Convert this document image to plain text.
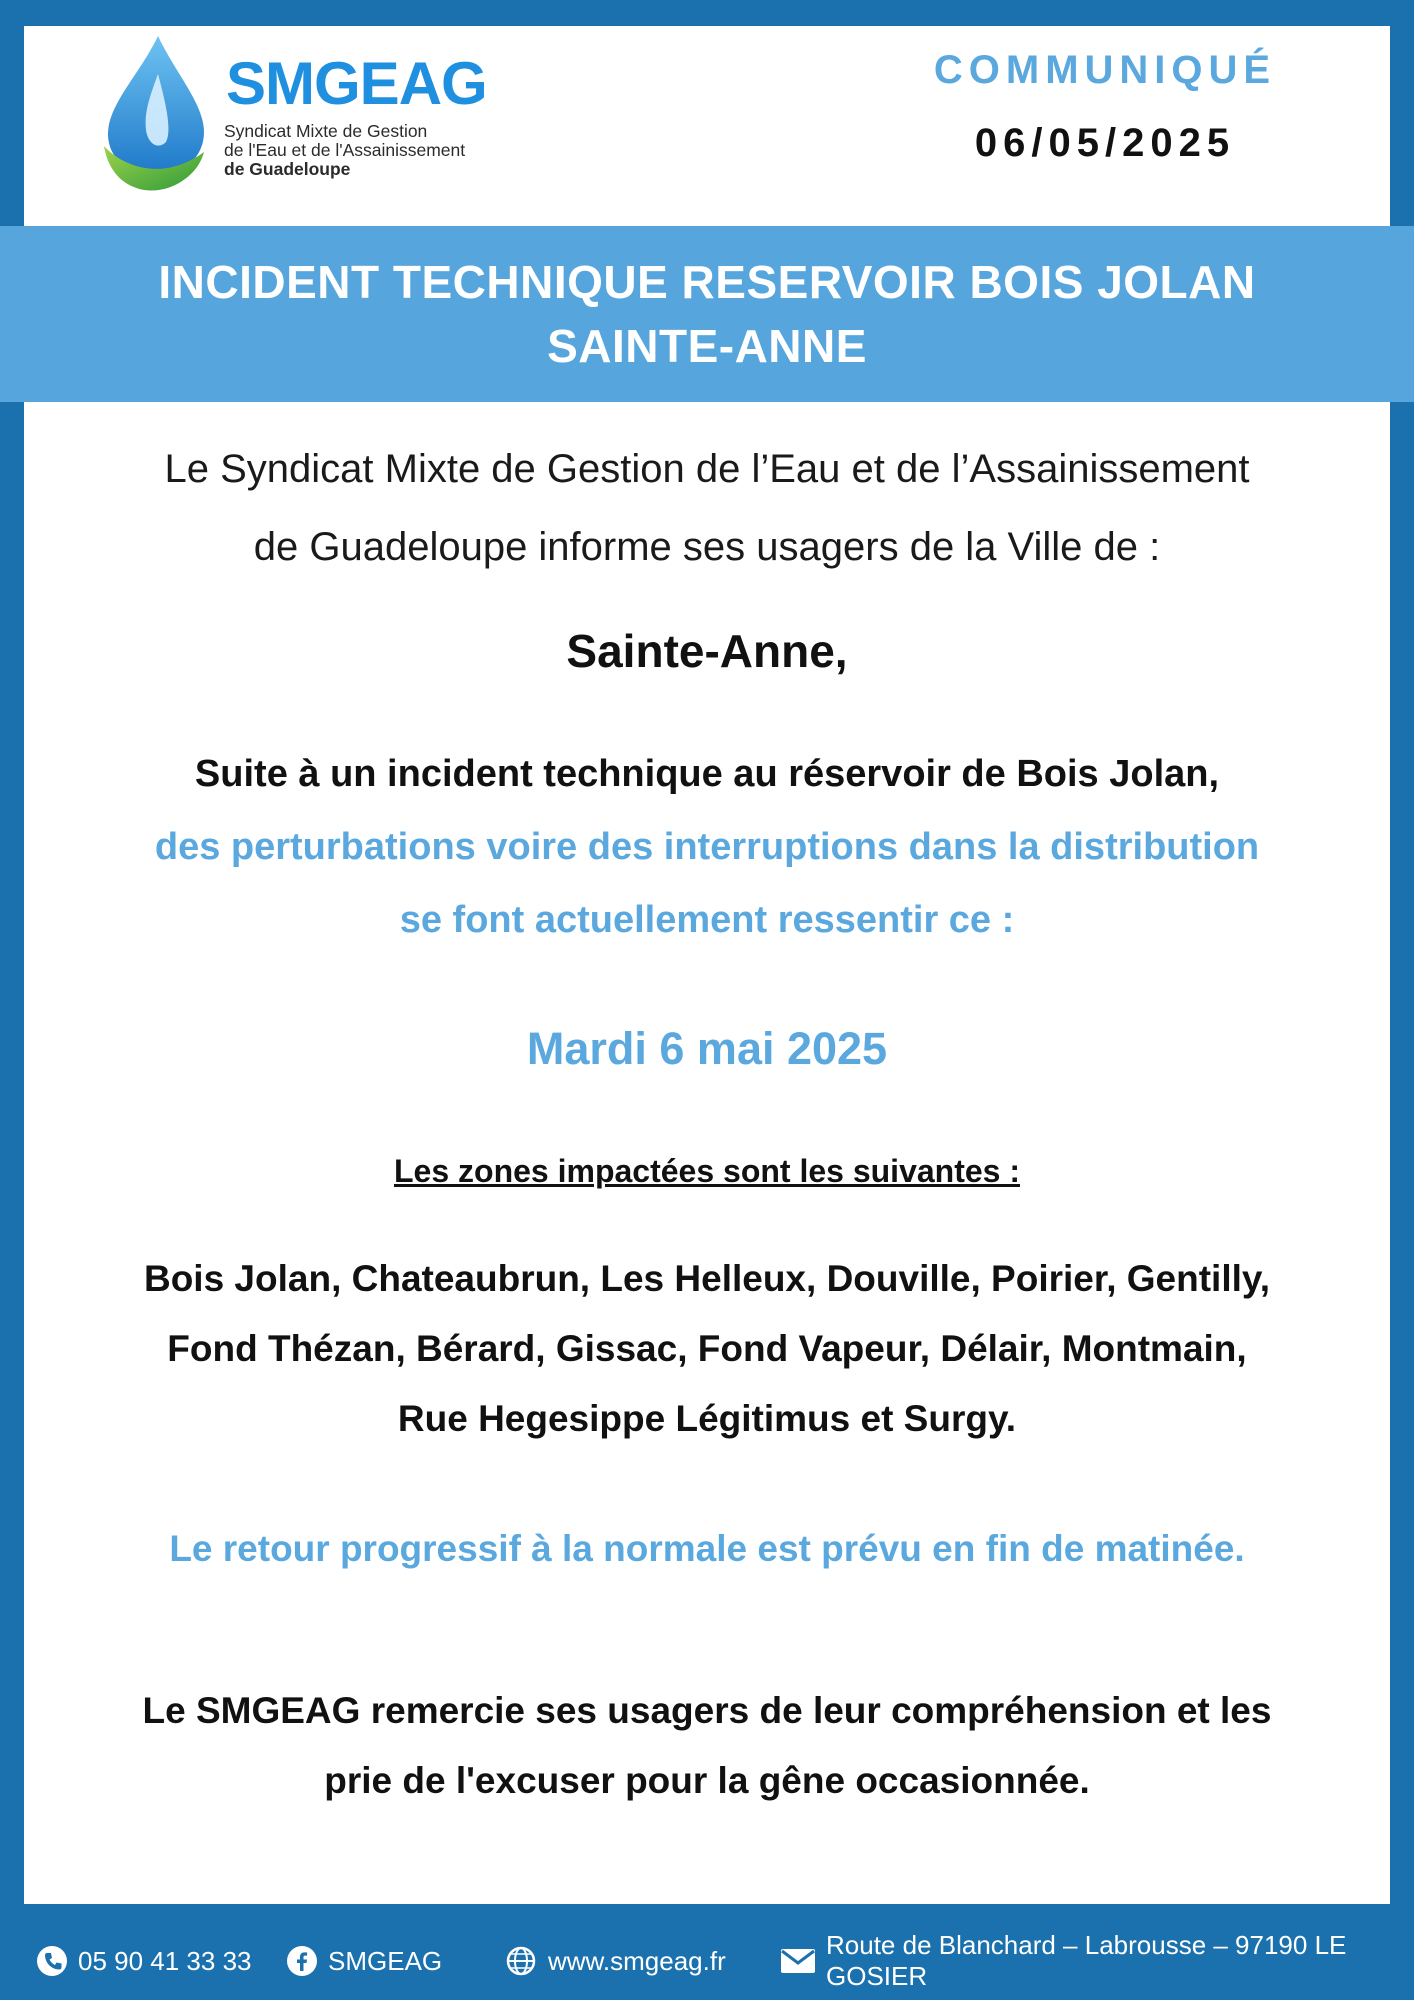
SMGEAG
Syndicat Mixte de Gestion
de l'Eau et de l'Assainissement
de Guadeloupe
COMMUNIQUÉ
06/05/2025
INCIDENT TECHNIQUE RESERVOIR BOIS JOLAN
SAINTE-ANNE
Le Syndicat Mixte de Gestion de l’Eau et de l’Assainissement
de Guadeloupe informe ses usagers de la Ville de :
Sainte-Anne,
Suite à un incident technique au réservoir de Bois Jolan,
des perturbations voire des interruptions dans la distribution
se font actuellement ressentir ce :
Mardi 6 mai 2025
Les zones impactées sont les suivantes :
Bois Jolan, Chateaubrun, Les Helleux, Douville, Poirier, Gentilly,
Fond Thézan, Bérard, Gissac, Fond Vapeur, Délair, Montmain,
Rue Hegesippe Légitimus et Surgy.
Le retour progressif à la normale est prévu en fin de matinée.
Le SMGEAG remercie ses usagers de leur compréhension et les
prie de l'excuser pour la gêne occasionnée.
05 90 41 33 33	SMGEAG	www.smgeag.fr
Route de Blanchard – Labrousse – 97190 LE GOSIER
